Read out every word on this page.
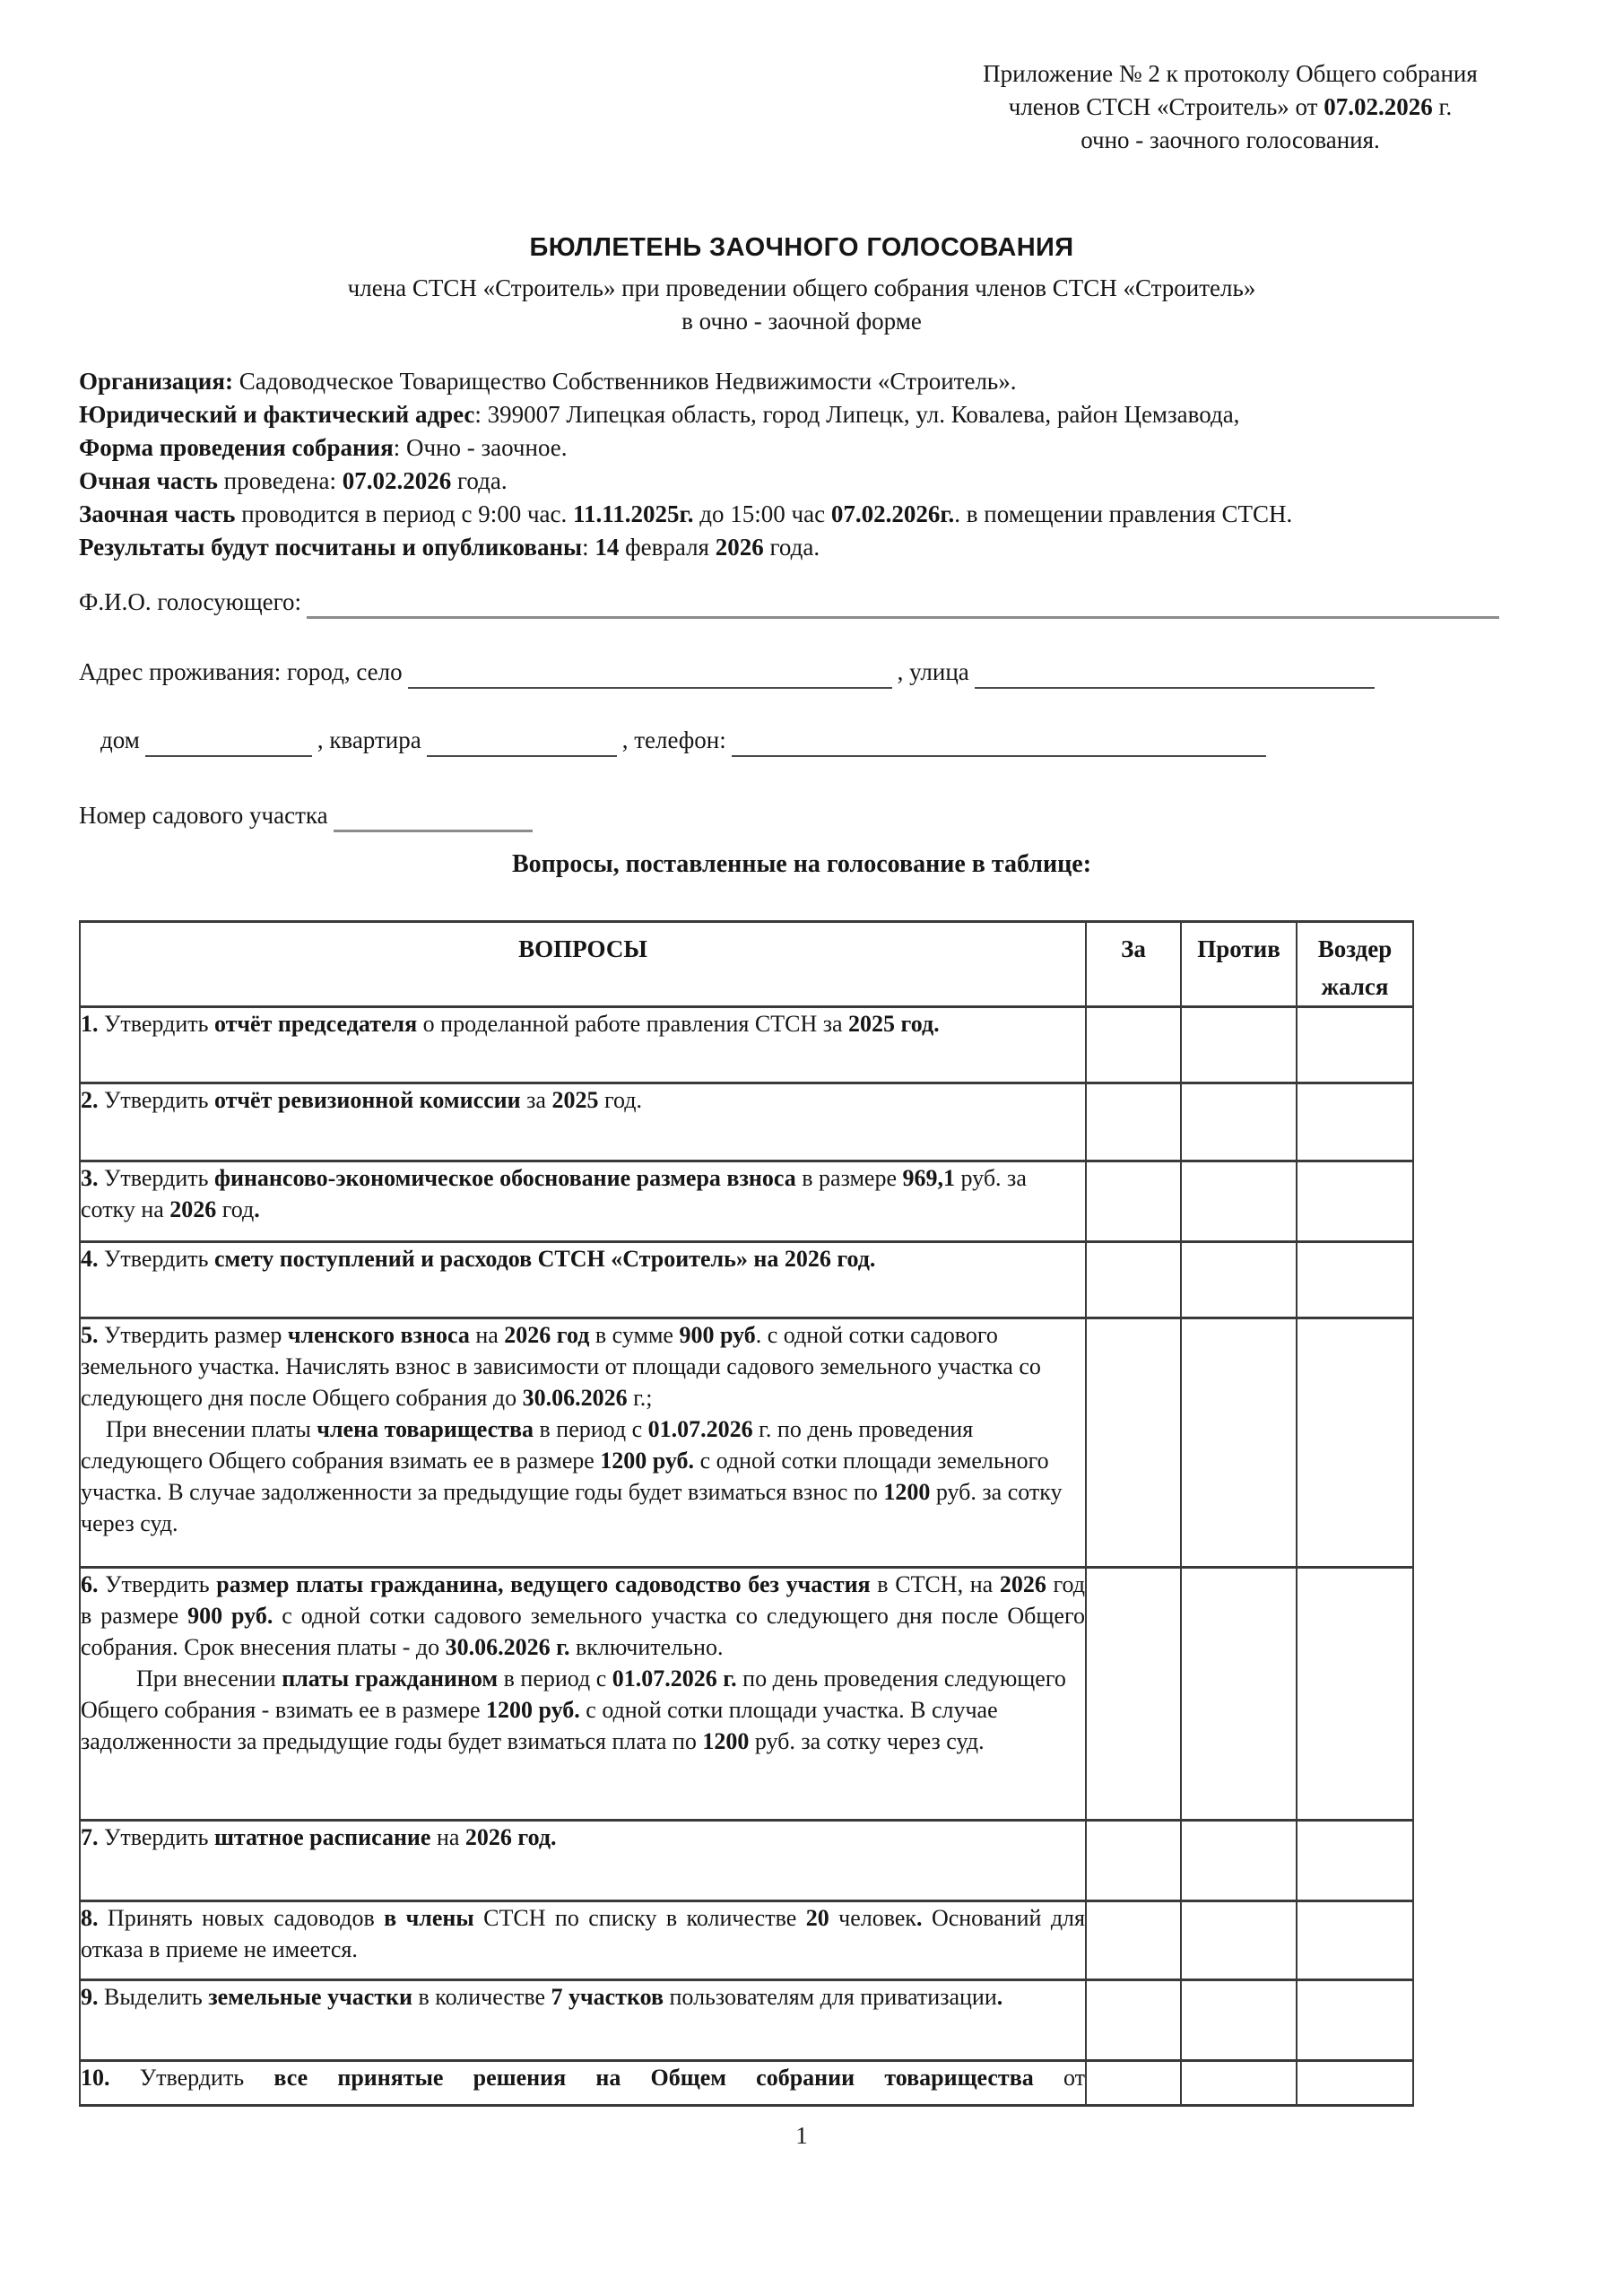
Приложение № 2 к протоколу Общего собрания
членов СТСН «Строитель» от 07.02.2026 г.
очно - заочного голосования.
БЮЛЛЕТЕНЬ ЗАОЧНОГО ГОЛОСОВАНИЯ
члена СТСН «Строитель» при проведении общего собрания членов СТСН «Строитель»
в очно - заочной форме
Организация: Садоводческое Товарищество Собственников Недвижимости «Строитель».
Юридический и фактический адрес: 399007 Липецкая область, город Липецк, ул. Ковалева, район Цемзавода,
Форма проведения собрания: Очно - заочное.
Очная часть проведена: 07.02.2026 года.
Заочная часть проводится в период с 9:00 час. 11.11.2025г. до 15:00 час 07.02.2026г.. в помещении правления СТСН.
Результаты будут посчитаны и опубликованы: 14 февраля 2026 года.
Ф.И.О. голосующего:
Адрес проживания: город, село	, улица
дом	, квартира	, телефон:
Номер садового участка
Вопросы, поставленные на голосование в таблице:
ВОПРОСЫ	За	Против	Воздер жался

1. Утвердить отчёт председателя о проделанной работе правления СТСН за 2025 год.			

2. Утвердить отчёт ревизионной комиссии за 2025 год.			

3. Утвердить финансово-экономическое обоснование размера взноса в размере 969,1 руб. за сотку на 2026 год.			

4. Утвердить смету поступлений и расходов СТСН «Строитель» на 2026 год.			

5. Утвердить размер членского взноса на 2026 год в сумме 900 руб. с одной сотки садового земельного участка. Начислять взнос в зависимости от площади садового земельного участка со следующего дня после Общего собрания до 30.06.2026 г.;
При внесении платы члена товарищества в период с 01.07.2026 г. по день проведения следующего Общего собрания взимать ее в размере 1200 руб. с одной сотки площади земельного участка. В случае задолженности за предыдущие годы будет взиматься взнос по 1200 руб. за сотку через суд.			

6. Утвердить размер платы гражданина, ведущего садоводство без участия в СТСН, на 2026 год в размере 900 руб. с одной сотки садового земельного участка со следующего дня после Общего собрания. Срок внесения платы - до 30.06.2026 г. включительно.
При внесении платы гражданином в период с 01.07.2026 г. по день проведения следующего Общего собрания - взимать ее в размере 1200 руб. с одной сотки площади участка. В случае задолженности за предыдущие годы будет взиматься плата по 1200 руб. за сотку через суд.			

7. Утвердить штатное расписание на 2026 год.			

8. Принять новых садоводов в члены СТСН по списку в количестве 20 человек. Оснований для отказа в приеме не имеется.			

9. Выделить земельные участки в количестве 7 участков пользователям для приватизации.			

10. Утвердить все принятые решения на Общем собрании товарищества от			

1
